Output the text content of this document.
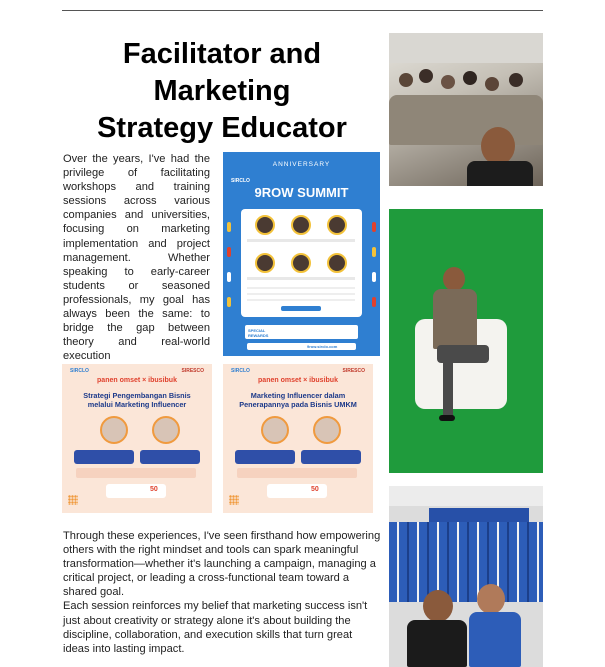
Facilitator and
Marketing
Strategy Educator
Over the years, I've had the privilege of facilitating workshops and training sessions across various companies and universities, focusing on marketing implementation and project management. Whether speaking to early-career students or seasoned professionals, my goal has always been the same: to bridge the gap between theory and real-world execution
ANNIVERSARY
SIRCLO
9ROW SUMMIT
SPECIAL REWARDS
9row.sirclo.com
SIRCLO	SIRESCO
panen omset × ibusibuk
Strategi Pengembangan Bisnis melalui Marketing Influencer
50
SIRCLO	SIRESCO
panen omset × ibusibuk
Marketing Influencer dalam Penerapannya pada Bisnis UMKM
50

Through these experiences, I've seen firsthand how empowering others with the right mindset and tools can spark meaningful transformation—whether it's launching a campaign, managing a critical project, or leading a cross-functional team toward a shared goal.

Each session reinforces my belief that marketing success isn't just about creativity or strategy alone it's about building the discipline, collaboration, and execution skills that turn great ideas into lasting impact.
